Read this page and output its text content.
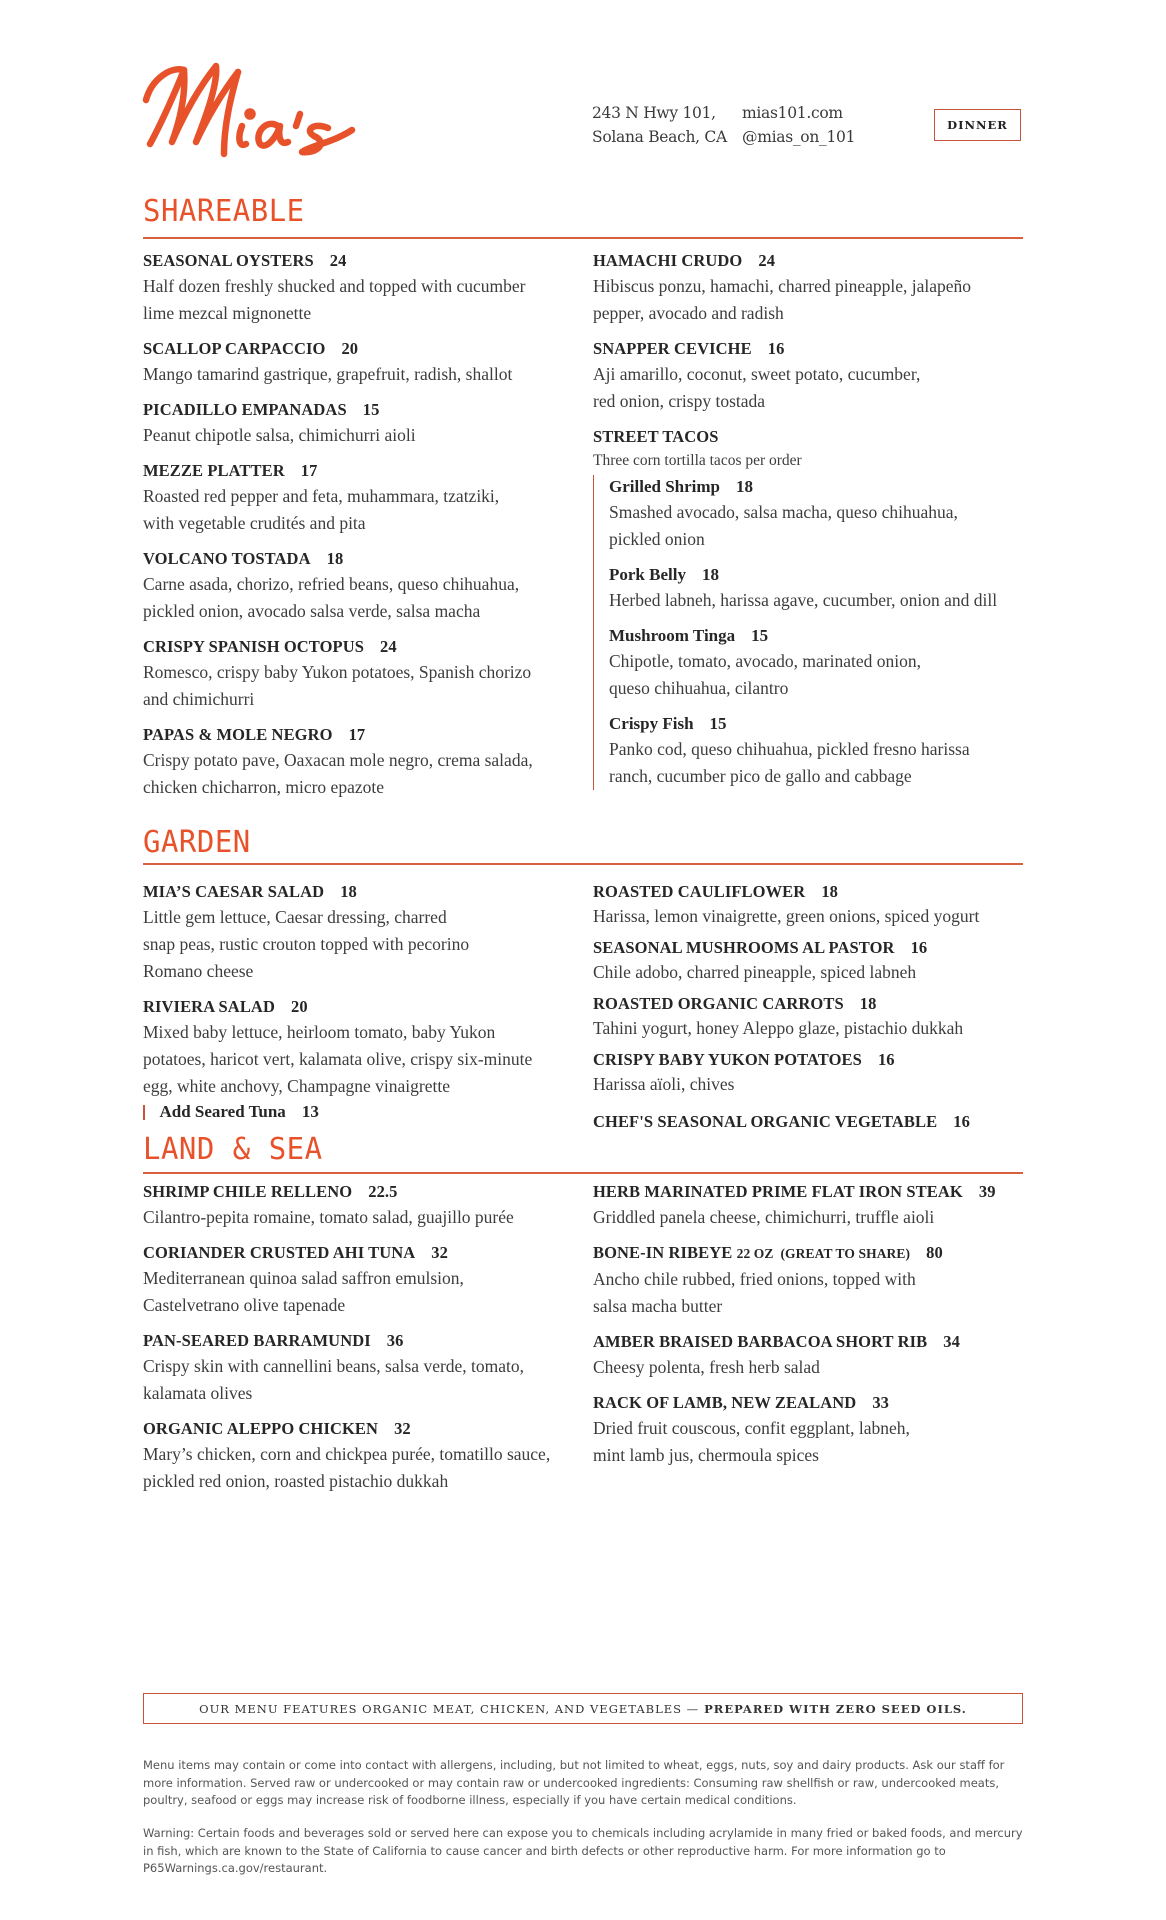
243 N Hwy 101,
Solana Beach, CA
mias101.com
@mias_on_101
DINNER
SHAREABLE
SEASONAL OYSTERS 24
Half dozen freshly shucked and topped with cucumber
lime mezcal mignonette
SCALLOP CARPACCIO 20
Mango tamarind gastrique, grapefruit, radish, shallot
PICADILLO EMPANADAS 15
Peanut chipotle salsa, chimichurri aioli
MEZZE PLATTER 17
Roasted red pepper and feta, muhammara, tzatziki,
with vegetable crudités and pita
VOLCANO TOSTADA 18
Carne asada, chorizo, refried beans, queso chihuahua,
pickled onion, avocado salsa verde, salsa macha
CRISPY SPANISH OCTOPUS 24
Romesco, crispy baby Yukon potatoes, Spanish chorizo
and chimichurri
PAPAS & MOLE NEGRO 17
Crispy potato pave, Oaxacan mole negro, crema salada,
chicken chicharron, micro epazote
HAMACHI CRUDO 24
Hibiscus ponzu, hamachi, charred pineapple, jalapeño
pepper, avocado and radish
SNAPPER CEVICHE 16
Aji amarillo, coconut, sweet potato, cucumber,
red onion, crispy tostada
STREET TACOS
Three corn tortilla tacos per order
Grilled Shrimp 18
Smashed avocado, salsa macha, queso chihuahua,
pickled onion
Pork Belly 18
Herbed labneh, harissa agave, cucumber, onion and dill
Mushroom Tinga 15
Chipotle, tomato, avocado, marinated onion,
queso chihuahua, cilantro
Crispy Fish 15
Panko cod, queso chihuahua, pickled fresno harissa
ranch, cucumber pico de gallo and cabbage
GARDEN
MIA’S CAESAR SALAD 18
Little gem lettuce, Caesar dressing, charred
snap peas, rustic crouton topped with pecorino
Romano cheese
RIVIERA SALAD 20
Mixed baby lettuce, heirloom tomato, baby Yukon
potatoes, haricot vert, kalamata olive, crispy six-minute
egg, white anchovy, Champagne vinaigrette
Add Seared Tuna 13
ROASTED CAULIFLOWER 18
Harissa, lemon vinaigrette, green onions, spiced yogurt
SEASONAL MUSHROOMS AL PASTOR 16
Chile adobo, charred pineapple, spiced labneh
ROASTED ORGANIC CARROTS 18
Tahini yogurt, honey Aleppo glaze, pistachio dukkah
CRISPY BABY YUKON POTATOES 16
Harissa aïoli, chives
CHEF'S SEASONAL ORGANIC VEGETABLE 16
LAND & SEA
SHRIMP CHILE RELLENO 22.5
Cilantro-pepita romaine, tomato salad, guajillo purée
CORIANDER CRUSTED AHI TUNA 32
Mediterranean quinoa salad saffron emulsion,
Castelvetrano olive tapenade
PAN-SEARED BARRAMUNDI 36
Crispy skin with cannellini beans, salsa verde, tomato,
kalamata olives
ORGANIC ALEPPO CHICKEN 32
Mary’s chicken, corn and chickpea purée, tomatillo sauce,
pickled red onion, roasted pistachio dukkah
HERB MARINATED PRIME FLAT IRON STEAK 39
Griddled panela cheese, chimichurri, truffle aioli
BONE-IN RIBEYE 22 OZ  (GREAT TO SHARE) 80
Ancho chile rubbed, fried onions, topped with
salsa macha butter
AMBER BRAISED BARBACOA SHORT RIB 34
Cheesy polenta, fresh herb salad
RACK OF LAMB, NEW ZEALAND 33
Dried fruit couscous, confit eggplant, labneh,
mint lamb jus, chermoula spices
OUR MENU FEATURES ORGANIC MEAT, CHICKEN, AND VEGETABLES — PREPARED WITH ZERO SEED OILS.
Menu items may contain or come into contact with allergens, including, but not limited to wheat, eggs, nuts, soy and dairy products. Ask our staff for more information. Served raw or undercooked or may contain raw or undercooked ingredients: Consuming raw shellfish or raw, undercooked meats, poultry, seafood or eggs may increase risk of foodborne illness, especially if you have certain medical conditions.
Warning: Certain foods and beverages sold or served here can expose you to chemicals including acrylamide in many fried or baked foods, and mercury in fish, which are known to the State of California to cause cancer and birth defects or other reproductive harm. For more information go to P65Warnings.ca.gov/restaurant.
